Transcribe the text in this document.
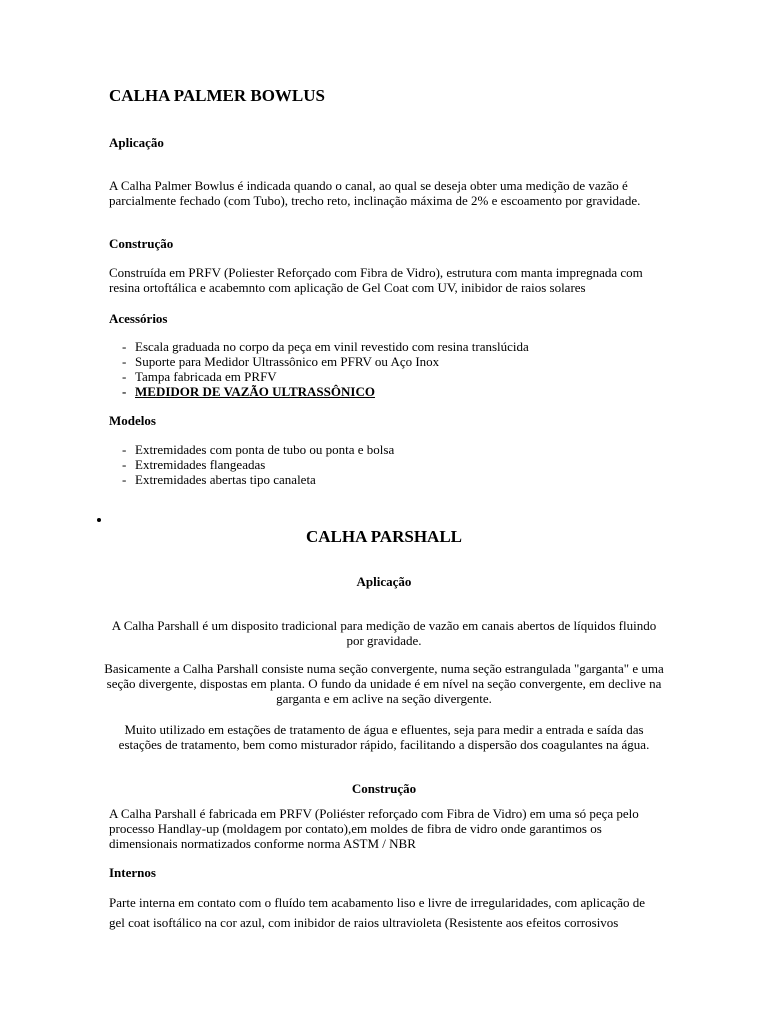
CALHA PALMER BOWLUS
Aplicação

A Calha Palmer Bowlus é indicada quando o canal, ao qual se deseja obter uma medição de vazão é parcialmente fechado (com Tubo), trecho reto, inclinação máxima de 2% e escoamento por gravidade.

Construção

Construída em PRFV (Poliester Reforçado com Fibra de Vidro), estrutura com manta impregnada com resina ortoftálica e acabemnto com aplicação de Gel Coat com UV, inibidor de raios solares

Acessórios
- Escala graduada no corpo da peça em vinil revestido com resina translúcida
- Suporte para Medidor Ultrassônico em PFRV ou Aço Inox
- Tampa fabricada em PRFV
- MEDIDOR DE VAZÃO ULTRASSÔNICO
Modelos
- Extremidades com ponta de tubo ou ponta e bolsa
- Extremidades flangeadas
- Extremidades abertas tipo canaleta
CALHA PARSHALL
Aplicação

A Calha Parshall é um disposito tradicional para medição de vazão em canais abertos de líquidos fluindo por gravidade.

Basicamente a Calha Parshall consiste numa seção convergente, numa seção estrangulada "garganta" e uma seção divergente, dispostas em planta. O fundo da unidade é em nível na seção convergente, em declive na garganta e em aclive na seção divergente.

Muito utilizado em estações de tratamento de água e efluentes, seja para medir a entrada e saída das estações de tratamento, bem como misturador rápido, facilitando a dispersão dos coagulantes na água.

Construção

A Calha Parshall é fabricada em PRFV (Poliéster reforçado com Fibra de Vidro) em uma só peça pelo processo Handlay-up (moldagem por contato),em moldes de fibra de vidro onde garantimos os dimensionais normatizados conforme norma ASTM / NBR

Internos

Parte interna em contato com o fluído tem acabamento liso e livre de irregularidades, com aplicação de gel coat isoftálico na cor azul, com inibidor de raios ultravioleta (Resistente aos efeitos corrosivos
